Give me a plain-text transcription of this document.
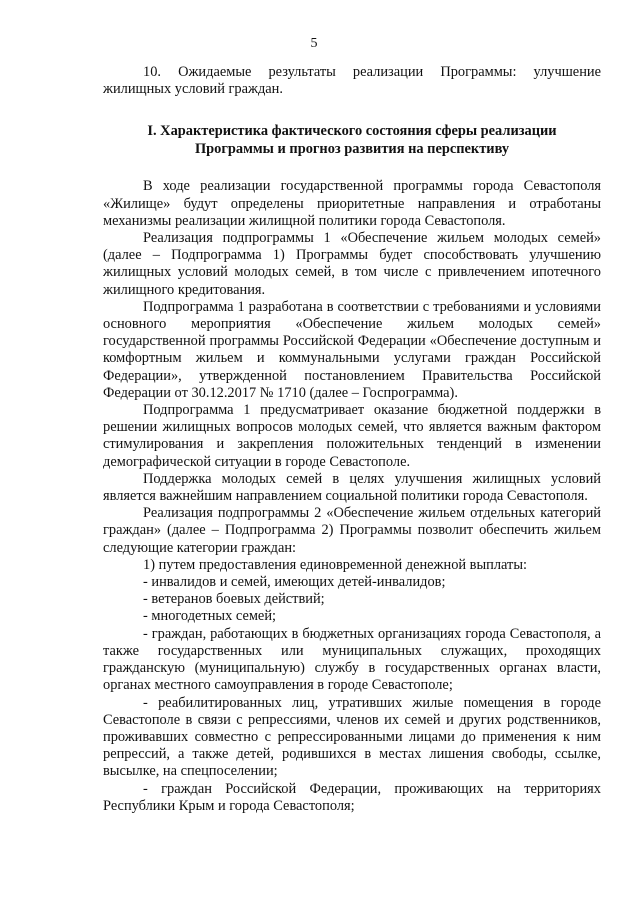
5

10. Ожидаемые результаты реализации Программы: улучшение жилищных условий граждан.

I. Характеристика фактического состояния сферы реализации
Программы и прогноз развития на перспективу

В ходе реализации государственной программы города Севастополя «Жилище» будут определены приоритетные направления и отработаны механизмы реализации жилищной политики города Севастополя.

Реализация подпрограммы 1 «Обеспечение жильем молодых семей» (далее – Подпрограмма 1) Программы будет способствовать улучшению жилищных условий молодых семей, в том числе с привлечением ипотечного жилищного кредитования.

Подпрограмма 1 разработана в соответствии с требованиями и условиями основного мероприятия «Обеспечение жильем молодых семей» государственной программы Российской Федерации «Обеспечение доступным и комфортным жильем и коммунальными услугами граждан Российской Федерации», утвержденной постановлением Правительства Российской Федерации от 30.12.2017 № 1710 (далее – Госпрограмма).

Подпрограмма 1 предусматривает оказание бюджетной поддержки в решении жилищных вопросов молодых семей, что является важным фактором стимулирования и закрепления положительных тенденций в изменении демографической ситуации в городе Севастополе.

Поддержка молодых семей в целях улучшения жилищных условий является важнейшим направлением социальной политики города Севастополя.

Реализация подпрограммы 2 «Обеспечение жильем отдельных категорий граждан» (далее – Подпрограмма 2) Программы позволит обеспечить жильем следующие категории граждан:

1) путем предоставления единовременной денежной выплаты:

- инвалидов и семей, имеющих детей-инвалидов;

- ветеранов боевых действий;

- многодетных семей;

- граждан, работающих в бюджетных организациях города Севастополя, а также государственных или муниципальных служащих, проходящих гражданскую (муниципальную) службу в государственных органах власти, органах местного самоуправления в городе Севастополе;

- реабилитированных лиц, утративших жилые помещения в городе Севастополе в связи с репрессиями, членов их семей и других родственников, проживавших совместно с репрессированными лицами до применения к ним репрессий, а также детей, родившихся в местах лишения свободы, ссылке, высылке, на спецпоселении;

- граждан Российской Федерации, проживающих на территориях Республики Крым и города Севастополя;
